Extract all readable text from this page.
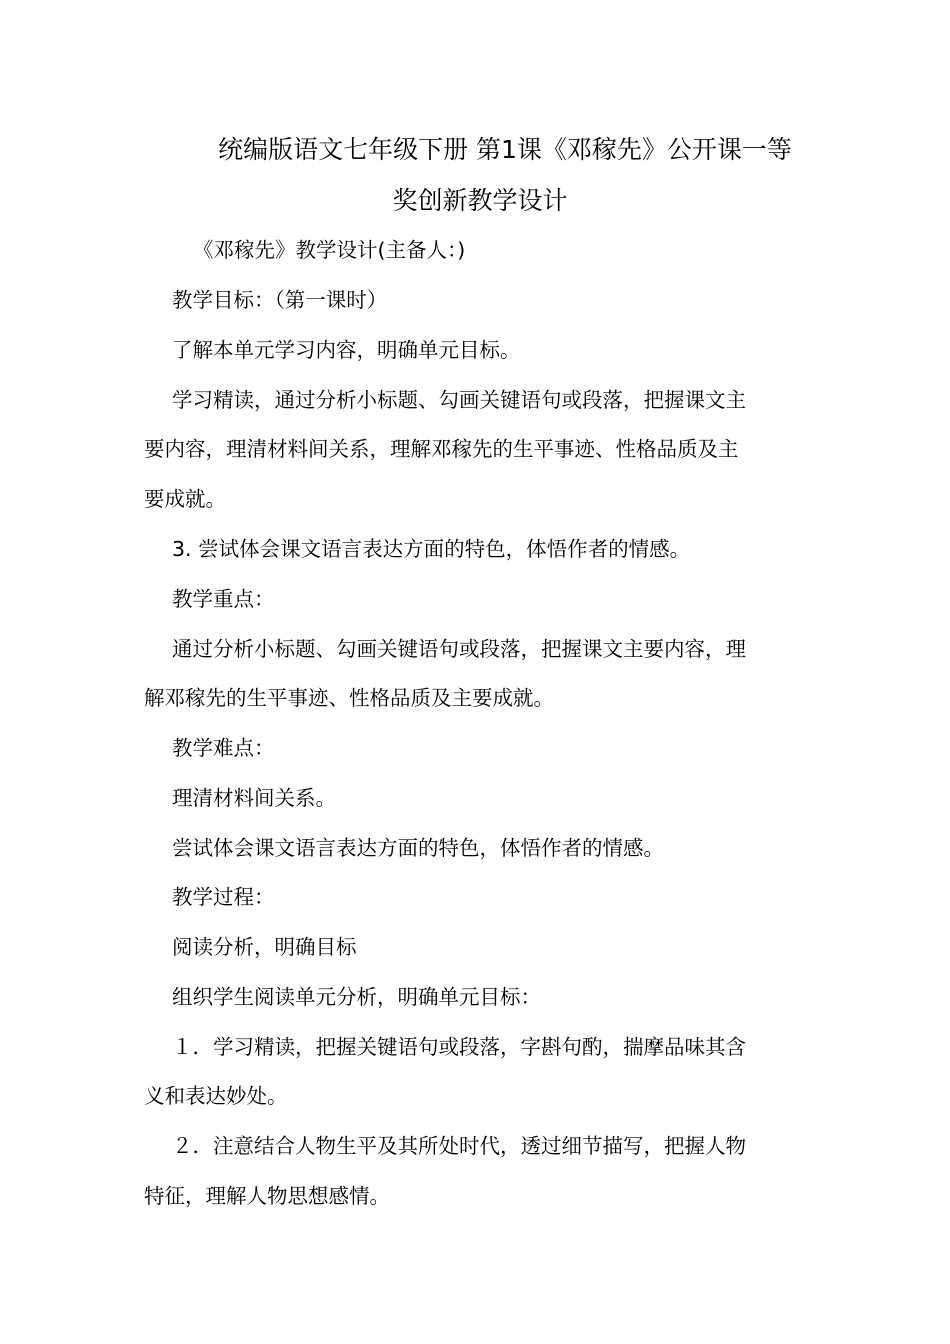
统编版语文七年级下册 第1课《邓稼先》公开课一等
奖创新教学设计
《邓稼先》教学设计(主备人：)
教学目标：（第一课时）
了解本单元学习内容，明确单元目标。
学习精读，通过分析小标题、勾画关键语句或段落，把握课文主
要内容，理清材料间关系，理解邓稼先的生平事迹、性格品质及主
要成就。
3. 尝试体会课文语言表达方面的特色，体悟作者的情感。
教学重点：
通过分析小标题、勾画关键语句或段落，把握课文主要内容，理
解邓稼先的生平事迹、性格品质及主要成就。
教学难点：
理清材料间关系。
尝试体会课文语言表达方面的特色，体悟作者的情感。
教学过程：
阅读分析，明确目标
组织学生阅读单元分析，明确单元目标：
１．学习精读，把握关键语句或段落，字斟句酌，揣摩品味其含
义和表达妙处。
２．注意结合人物生平及其所处时代，透过细节描写，把握人物
特征，理解人物思想感情。
